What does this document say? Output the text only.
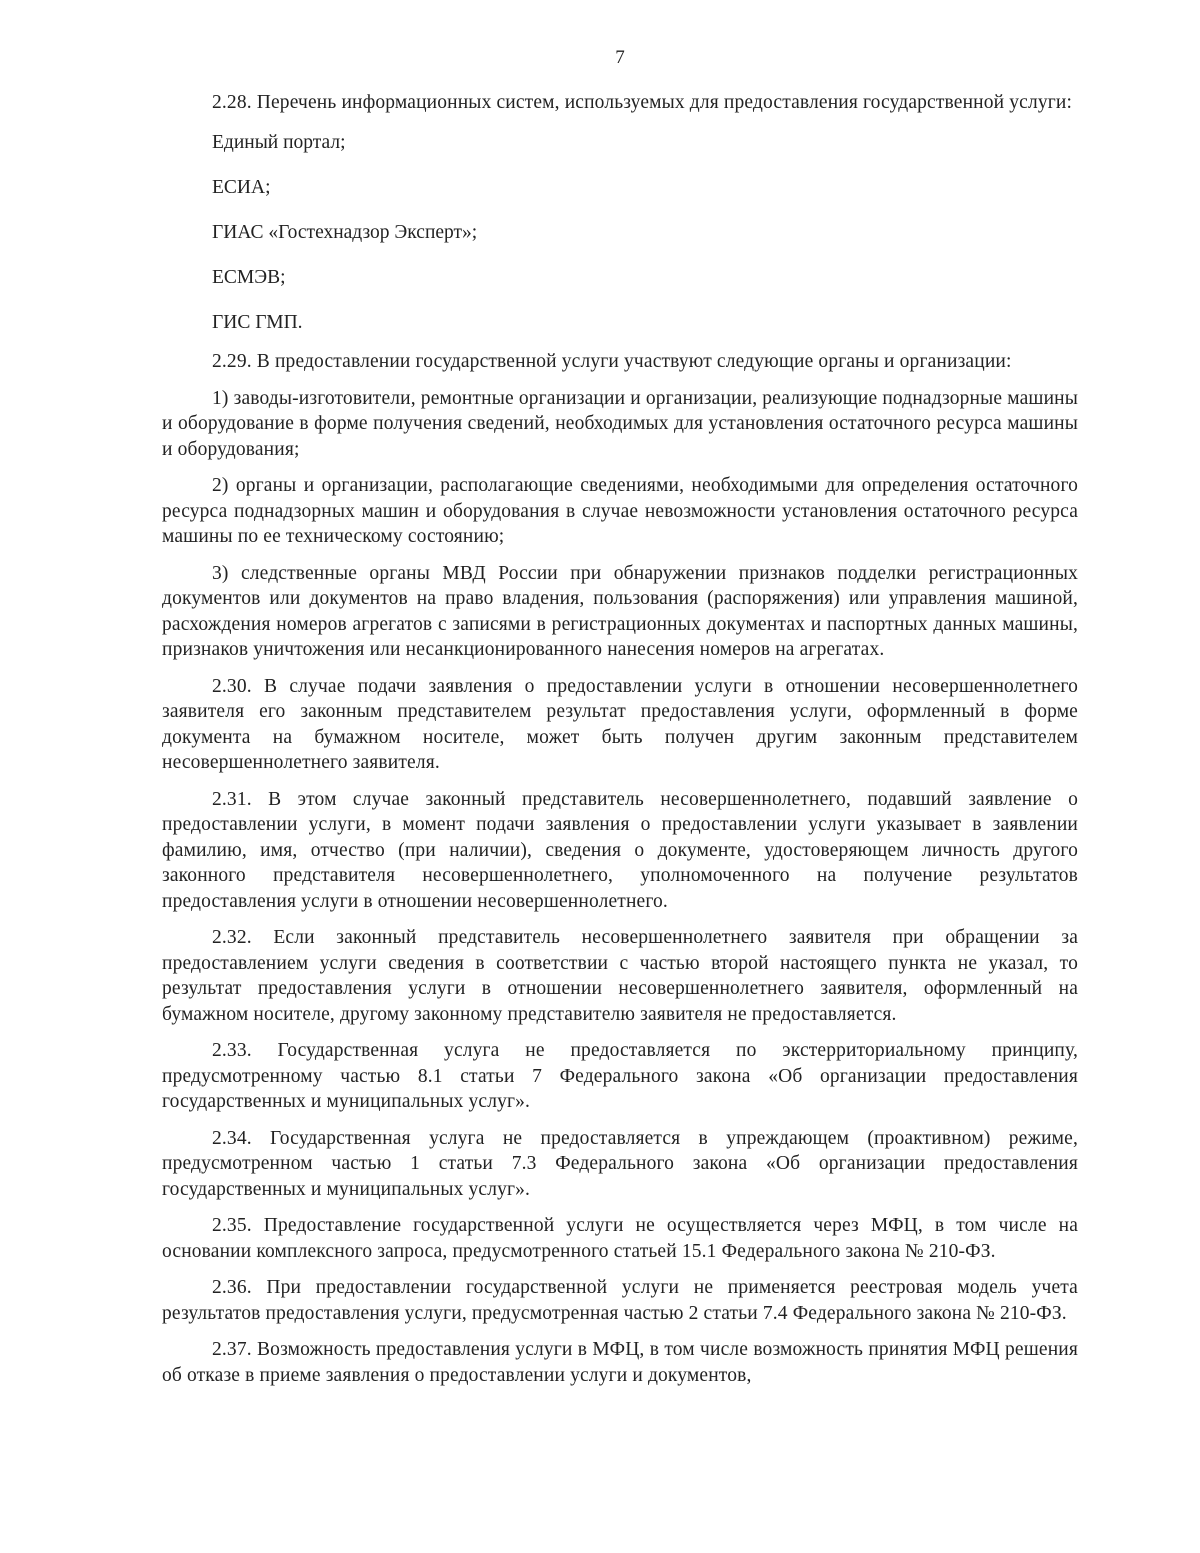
7

2.28. Перечень информационных систем, используемых для предоставления государственной услуги:

Единый портал;

ЕСИА;

ГИАС «Гостехнадзор Эксперт»;

ЕСМЭВ;

ГИС ГМП.

2.29. В предоставлении государственной услуги участвуют следующие органы и организации:

1) заводы-изготовители, ремонтные организации и организации, реализующие поднадзорные машины и оборудование в форме получения сведений, необходимых для установления остаточного ресурса машины и оборудования;

2) органы и организации, располагающие сведениями, необходимыми для определения остаточного ресурса поднадзорных машин и оборудования в случае невозможности установления остаточного ресурса машины по ее техническому состоянию;

3) следственные органы МВД России при обнаружении признаков подделки регистрационных документов или документов на право владения, пользования (распоряжения) или управления машиной, расхождения номеров агрегатов с записями в регистрационных документах и паспортных данных машины, признаков уничтожения или несанкционированного нанесения номеров на агрегатах.

2.30. В случае подачи заявления о предоставлении услуги в отношении несовершеннолетнего заявителя его законным представителем результат предоставления услуги, оформленный в форме документа на бумажном носителе, может быть получен другим законным представителем несовершеннолетнего заявителя.

2.31. В этом случае законный представитель несовершеннолетнего, подавший заявление о предоставлении услуги, в момент подачи заявления о предоставлении услуги указывает в заявлении фамилию, имя, отчество (при наличии), сведения о документе, удостоверяющем личность другого законного представителя несовершеннолетнего, уполномоченного на получение результатов предоставления услуги в отношении несовершеннолетнего.

2.32. Если законный представитель несовершеннолетнего заявителя при обращении за предоставлением услуги сведения в соответствии с частью второй настоящего пункта не указал, то результат предоставления услуги в отношении несовершеннолетнего заявителя, оформленный на бумажном носителе, другому законному представителю заявителя не предоставляется.

2.33. Государственная услуга не предоставляется по экстерриториальному принципу, предусмотренному частью 8.1 статьи 7 Федерального закона «Об организации предоставления государственных и муниципальных услуг».

2.34. Государственная услуга не предоставляется в упреждающем (проактивном) режиме, предусмотренном частью 1 статьи 7.3 Федерального закона «Об организации предоставления государственных и муниципальных услуг».

2.35. Предоставление государственной услуги не осуществляется через МФЦ, в том числе на основании комплексного запроса, предусмотренного статьей 15.1 Федерального закона № 210-ФЗ.

2.36. При предоставлении государственной услуги не применяется реестровая модель учета результатов предоставления услуги, предусмотренная частью 2 статьи 7.4 Федерального закона № 210-ФЗ.

2.37. Возможность предоставления услуги в МФЦ, в том числе возможность принятия МФЦ решения об отказе в приеме заявления о предоставлении услуги и документов,
